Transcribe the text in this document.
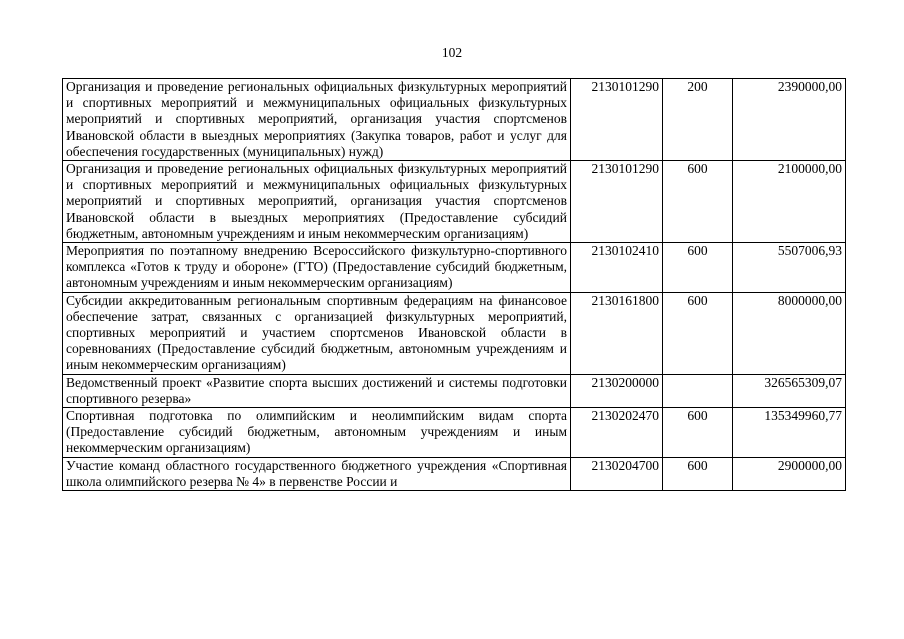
102
Организация и проведение региональных официальных физкультурных мероприятий и спортивных мероприятий и межмуниципальных официальных физкультурных мероприятий и спортивных мероприятий, организация участия спортсменов Ивановской области в выездных мероприятиях (Закупка товаров, работ и услуг для обеспечения государственных (муниципальных) нужд)	2130101290	200	2390000,00
Организация и проведение региональных официальных физкультурных мероприятий и спортивных мероприятий и межмуниципальных официальных физкультурных мероприятий и спортивных мероприятий, организация участия спортсменов Ивановской области в выездных мероприятиях (Предоставление субсидий бюджетным, автономным учреждениям и иным некоммерческим организациям)	2130101290	600	2100000,00
Мероприятия по поэтапному внедрению Всероссийского физкультурно-спортивного комплекса «Готов к труду и обороне» (ГТО) (Предоставление субсидий бюджетным, автономным учреждениям и иным некоммерческим организациям)	2130102410	600	5507006,93
Субсидии аккредитованным региональным спортивным федерациям на финансовое обеспечение затрат, связанных с организацией физкультурных мероприятий, спортивных мероприятий и участием спортсменов Ивановской области в соревнованиях (Предоставление субсидий бюджетным, автономным учреждениям и иным некоммерческим организациям)	2130161800	600	8000000,00
Ведомственный проект «Развитие спорта высших достижений и системы подготовки спортивного резерва»	2130200000		326565309,07
Спортивная подготовка по олимпийским и неолимпийским видам спорта (Предоставление субсидий бюджетным, автономным учреждениям и иным некоммерческим организациям)	2130202470	600	135349960,77
Участие команд областного государственного бюджетного учреждения «Спортивная школа олимпийского резерва № 4» в первенстве России и	2130204700	600	2900000,00
